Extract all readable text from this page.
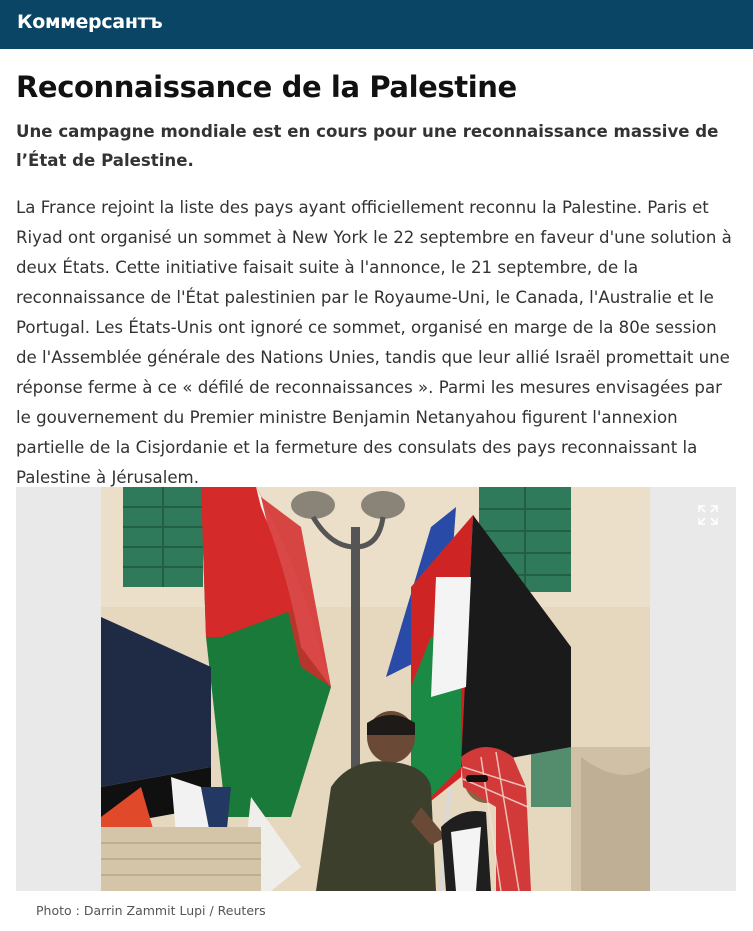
Коммерсантъ
Reconnaissance de la Palestine

Une campagne mondiale est en cours pour une reconnaissance massive de l’État de Palestine.

La France rejoint la liste des pays ayant officiellement reconnu la Palestine. Paris et Riyad ont organisé un sommet à New York le 22 septembre en faveur d'une solution à deux États. Cette initiative faisait suite à l'annonce, le 21 septembre, de la reconnaissance de l'État palestinien par le Royaume-Uni, le Canada, l'Australie et le Portugal. Les États-Unis ont ignoré ce sommet, organisé en marge de la 80e session de l'Assemblée générale des Nations Unies, tandis que leur allié Israël promettait une réponse ferme à ce « défilé de reconnaissances ». Parmi les mesures envisagées par le gouvernement du Premier ministre Benjamin Netanyahou figurent l'annexion partielle de la Cisjordanie et la fermeture des consulats des pays reconnaissant la Palestine à Jérusalem.

Photo : Darrin Zammit Lupi / Reuters
